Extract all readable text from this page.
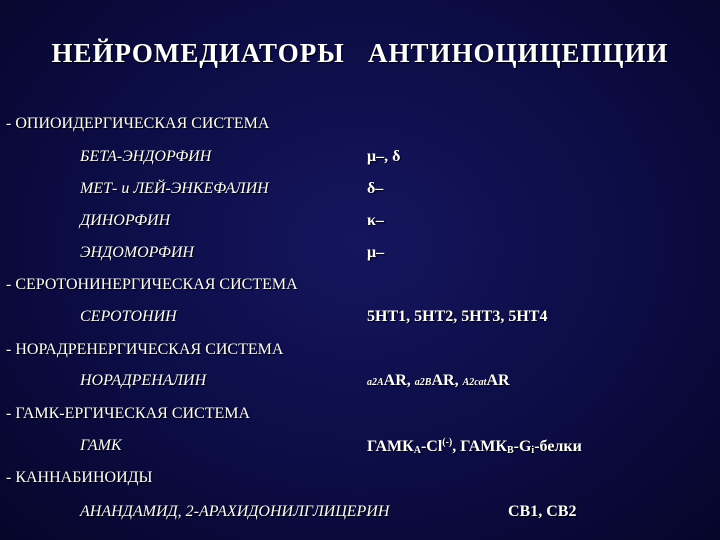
НЕЙРОМЕДИАТОРЫ   АНТИНОЦИЦЕПЦИИ
- ОПИОИДЕРГИЧЕСКАЯ СИСТЕМА
БЕТА-ЭНДОРФИН	μ–, δ
МЕТ- и ЛЕЙ-ЭНКЕФАЛИН	δ–
ДИНОРФИН	κ–
ЭНДОМОРФИН	μ–
- СЕРОТОНИНЕРГИЧЕСКАЯ СИСТЕМА
СЕРОТОНИН	5HT1, 5HT2, 5HT3, 5HT4
- НОРАДРЕНЕРГИЧЕСКАЯ СИСТЕМА
НОРАДРЕНАЛИН	a2AAR, a2BAR, A2catAR
- ГАМК-ЕРГИЧЕСКАЯ СИСТЕМА
ГАМК	$ГАМК_A-Cl^{(-)}$, $ГАМК_B-G_i$-белки
- КАННАБИНОИДЫ
АНАНДАМИД, 2-АРАХИДОНИЛГЛИЦЕРИН	CB1, CB2
